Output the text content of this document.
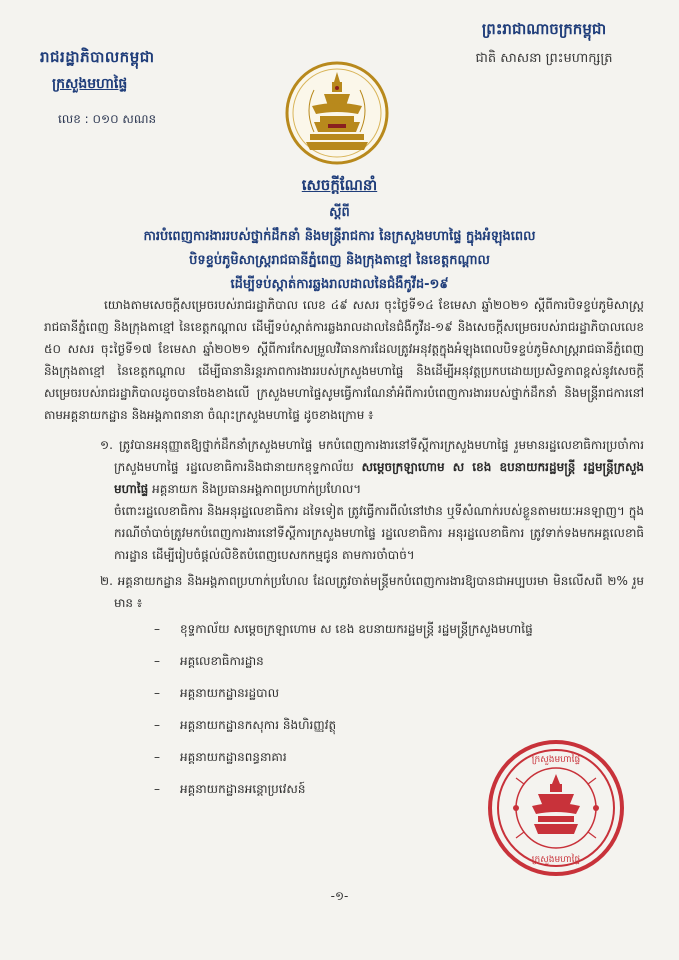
រាជរដ្ឋាភិបាលកម្ពុជា
ក្រសួងមហាផ្ទៃ
លេខ : ០១០ សណន
ព្រះរាជាណាចក្រកម្ពុជា
ជាតិ សាសនា ព្រះមហាក្សត្រ
សេចក្តីណែនាំ
ស្តីពី
ការបំពេញការងាររបស់ថ្នាក់ដឹកនាំ និងមន្ត្រីរាជការ នៃក្រសួងមហាផ្ទៃ ក្នុងអំឡុងពេល
បិទខ្ទប់ភូមិសាស្ត្ររាជធានីភ្នំពេញ និងក្រុងតាខ្មៅ នៃខេត្តកណ្តាល
ដើម្បីទប់ស្កាត់ការឆ្លងរាលដាលនៃជំងឺកូវីដ-១៩

យោងតាមសេចក្តីសម្រេចរបស់រាជរដ្ឋាភិបាល លេខ ៤៩ សសរ ចុះថ្ងៃទី១៤ ខែមេសា ឆ្នាំ២០២១ ស្តីពីការបិទខ្ទប់ភូមិសាស្ត្ររាជធានីភ្នំពេញ និងក្រុងតាខ្មៅ នៃខេត្តកណ្តាល ដើម្បីទប់ស្កាត់ការឆ្លងរាលដាលនៃជំងឺកូវីដ-១៩ និងសេចក្តីសម្រេចរបស់រាជរដ្ឋាភិបាលលេខ ៥០ សសរ ចុះថ្ងៃទី១៧ ខែមេសា ឆ្នាំ២០២១ ស្តីពីការកែសម្រួលវិធានការដែលត្រូវអនុវត្តក្នុងអំឡុងពេលបិទខ្ទប់ភូមិសាស្ត្ររាជធានីភ្នំពេញ និងក្រុងតាខ្មៅ នៃខេត្តកណ្តាល ដើម្បីធានានិរន្តរភាពការងាររបស់ក្រសួងមហាផ្ទៃ និងដើម្បីអនុវត្តប្រកបដោយប្រសិទ្ធភាពខ្ពស់នូវសេចក្តីសម្រេចរបស់រាជរដ្ឋាភិបាលដូចបានចែងខាងលើ ក្រសួងមហាផ្ទៃសូមធ្វើការណែនាំអំពីការបំពេញការងាររបស់ថ្នាក់ដឹកនាំ និងមន្ត្រីរាជការនៅតាមអគ្គនាយកដ្ឋាន និងអង្គភាពនានា ចំណុះក្រសួងមហាផ្ទៃ ដូចខាងក្រោម ៖

១. ត្រូវបានអនុញ្ញាតឱ្យថ្នាក់ដឹកនាំក្រសួងមហាផ្ទៃ មកបំពេញការងារនៅទីស្តីការក្រសួងមហាផ្ទៃ រួមមានរដ្ឋលេខាធិការប្រចាំការក្រសួងមហាផ្ទៃ រដ្ឋលេខាធិការនិងជានាយកខុទ្ទកាល័យ សម្តេចក្រឡាហោម ស ខេង ឧបនាយករដ្ឋមន្ត្រី រដ្ឋមន្ត្រីក្រសួងមហាផ្ទៃ អគ្គនាយក និងប្រធានអង្គភាពប្រហាក់ប្រហែល។
ចំពោះរដ្ឋលេខាធិការ និងអនុរដ្ឋលេខាធិការ ដទៃទៀត ត្រូវធ្វើការពីលំនៅឋាន ឬទីសំណាក់របស់ខ្លួនតាមរយៈអនឡាញ។ ក្នុងករណីចាំបាច់ត្រូវមកបំពេញការងារនៅទីស្តីការក្រសួងមហាផ្ទៃ រដ្ឋលេខាធិការ អនុរដ្ឋលេខាធិការ ត្រូវទាក់ទងមកអគ្គលេខាធិការដ្ឋាន ដើម្បីរៀបចំផ្តល់លិខិតបំពេញបេសកកម្មជូន តាមការចាំបាច់។
២. អគ្គនាយកដ្ឋាន និងអង្គភាពប្រហាក់ប្រហែល ដែលត្រូវចាត់មន្ត្រីមកបំពេញការងារឱ្យបានជាអប្បបរមា មិនលើសពី ២% រួមមាន ៖
– ខុទ្ទកាល័យ សម្តេចក្រឡាហោម ស ខេង ឧបនាយករដ្ឋមន្ត្រី រដ្ឋមន្ត្រីក្រសួងមហាផ្ទៃ
– អគ្គលេខាធិការដ្ឋាន
– អគ្គនាយកដ្ឋានរដ្ឋបាល
– អគ្គនាយកដ្ឋានកសុការ និងហិរញ្ញវត្ថុ
– អគ្គនាយកដ្ឋានពន្ធនាគារ
– អគ្គនាយកដ្ឋានអន្តោប្រវេសន៍
ក្រសួងមហាផ្ទៃ
ក្រសួងមហាផ្ទៃ
-១-
